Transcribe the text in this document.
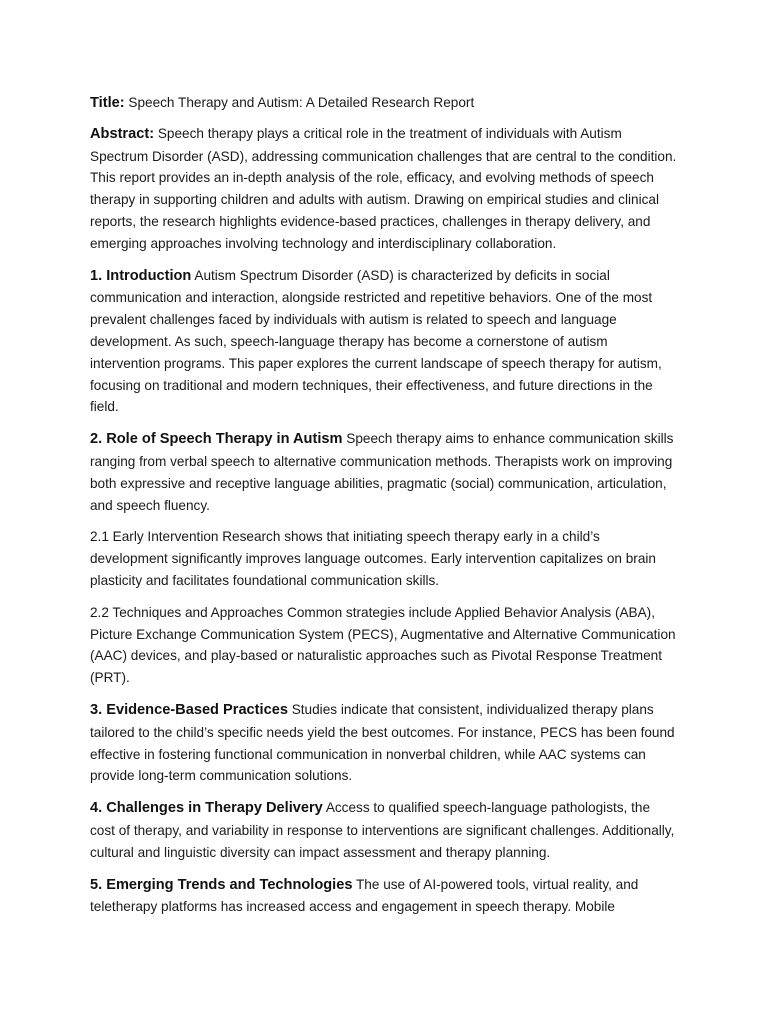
Title: Speech Therapy and Autism: A Detailed Research Report

Abstract: Speech therapy plays a critical role in the treatment of individuals with Autism Spectrum Disorder (ASD), addressing communication challenges that are central to the condition. This report provides an in-depth analysis of the role, efficacy, and evolving methods of speech therapy in supporting children and adults with autism. Drawing on empirical studies and clinical reports, the research highlights evidence-based practices, challenges in therapy delivery, and emerging approaches involving technology and interdisciplinary collaboration.

1. Introduction Autism Spectrum Disorder (ASD) is characterized by deficits in social communication and interaction, alongside restricted and repetitive behaviors. One of the most prevalent challenges faced by individuals with autism is related to speech and language development. As such, speech-language therapy has become a cornerstone of autism intervention programs. This paper explores the current landscape of speech therapy for autism, focusing on traditional and modern techniques, their effectiveness, and future directions in the field.

2. Role of Speech Therapy in Autism Speech therapy aims to enhance communication skills ranging from verbal speech to alternative communication methods. Therapists work on improving both expressive and receptive language abilities, pragmatic (social) communication, articulation, and speech fluency.

2.1 Early Intervention Research shows that initiating speech therapy early in a child’s development significantly improves language outcomes. Early intervention capitalizes on brain plasticity and facilitates foundational communication skills.

2.2 Techniques and Approaches Common strategies include Applied Behavior Analysis (ABA), Picture Exchange Communication System (PECS), Augmentative and Alternative Communication (AAC) devices, and play-based or naturalistic approaches such as Pivotal Response Treatment (PRT).

3. Evidence-Based Practices Studies indicate that consistent, individualized therapy plans tailored to the child’s specific needs yield the best outcomes. For instance, PECS has been found effective in fostering functional communication in nonverbal children, while AAC systems can provide long-term communication solutions.

4. Challenges in Therapy Delivery Access to qualified speech-language pathologists, the cost of therapy, and variability in response to interventions are significant challenges. Additionally, cultural and linguistic diversity can impact assessment and therapy planning.

5. Emerging Trends and Technologies The use of AI-powered tools, virtual reality, and teletherapy platforms has increased access and engagement in speech therapy. Mobile
